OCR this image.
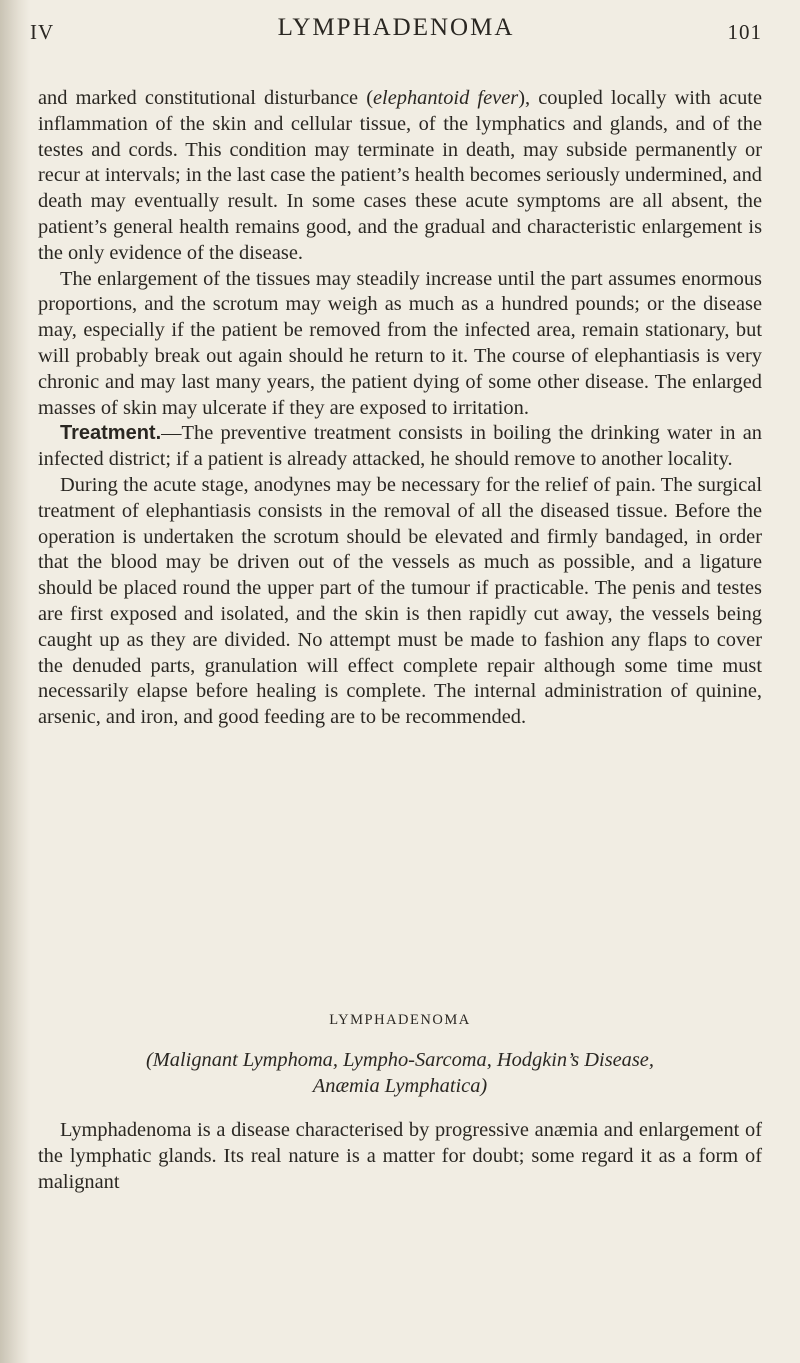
IV	LYMPHADENOMA	101

and marked constitutional disturbance (elephantoid fever), coupled locally with acute inflammation of the skin and cellular tissue, of the lymphatics and glands, and of the testes and cords. This condition may terminate in death, may subside permanently or recur at intervals; in the last case the patient’s health becomes seriously undermined, and death may eventually result. In some cases these acute symptoms are all absent, the patient’s general health remains good, and the gradual and characteristic enlargement is the only evidence of the disease.

The enlargement of the tissues may steadily increase until the part assumes enormous proportions, and the scrotum may weigh as much as a hundred pounds; or the disease may, especially if the patient be removed from the infected area, remain stationary, but will probably break out again should he return to it. The course of elephantiasis is very chronic and may last many years, the patient dying of some other disease. The enlarged masses of skin may ulcerate if they are exposed to irritation.

Treatment.—The preventive treatment consists in boiling the drinking water in an infected district; if a patient is already attacked, he should remove to another locality.

During the acute stage, anodynes may be necessary for the relief of pain. The surgical treatment of elephantiasis consists in the removal of all the diseased tissue. Before the operation is undertaken the scrotum should be elevated and firmly bandaged, in order that the blood may be driven out of the vessels as much as possible, and a ligature should be placed round the upper part of the tumour if practicable. The penis and testes are first exposed and isolated, and the skin is then rapidly cut away, the vessels being caught up as they are divided. No attempt must be made to fashion any flaps to cover the denuded parts, granulation will effect complete repair although some time must necessarily elapse before healing is complete. The internal administration of quinine, arsenic, and iron, and good feeding are to be recommended.

LYMPHADENOMA
(Malignant Lymphoma, Lympho-Sarcoma, Hodgkin’s Disease,
Anæmia Lymphatica)

Lymphadenoma is a disease characterised by progressive anæmia and enlargement of the lymphatic glands. Its real nature is a matter for doubt; some regard it as a form of malignant
